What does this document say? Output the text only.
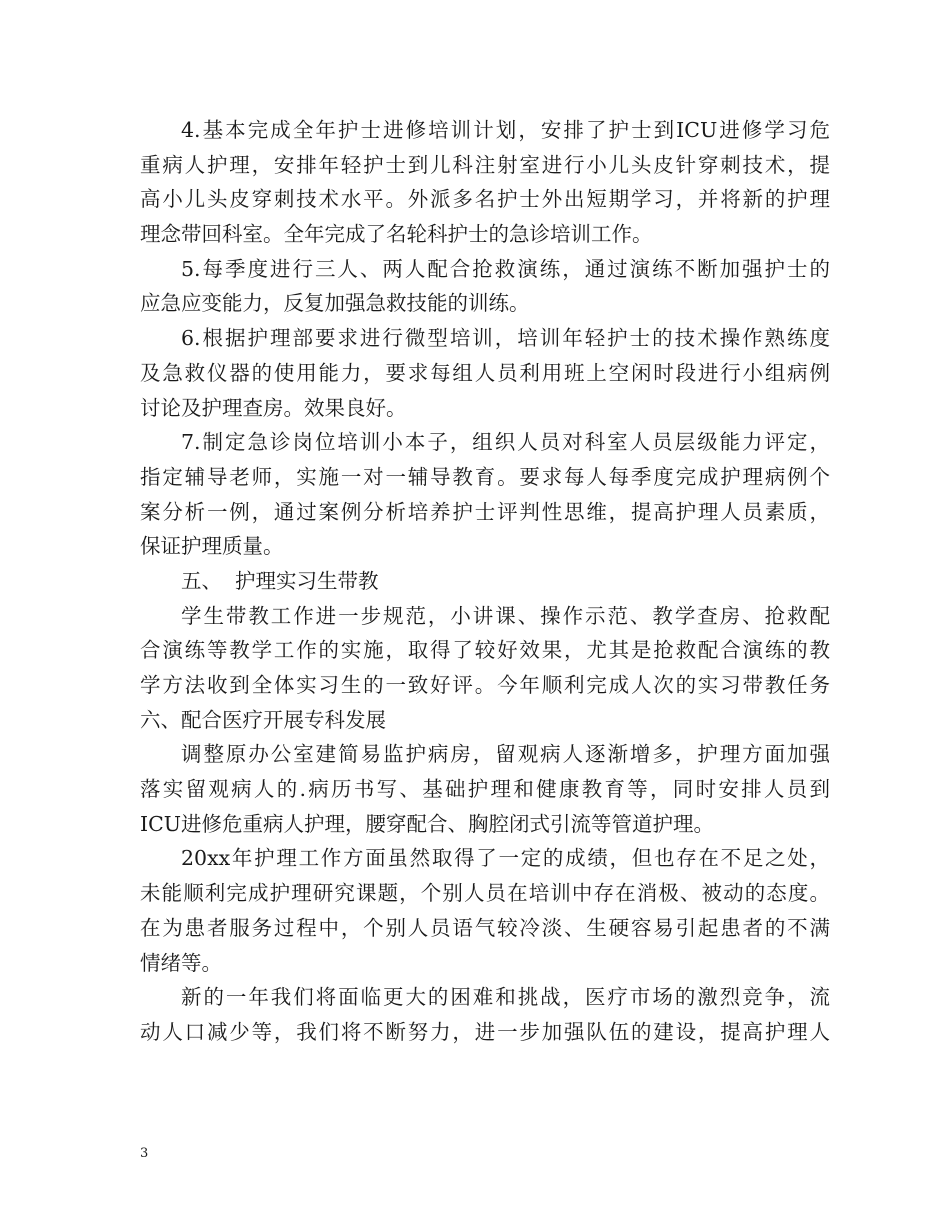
4.基本完成全年护士进修培训计划，安排了护士到ICU进修学习危
重病人护理，安排年轻护士到儿科注射室进行小儿头皮针穿刺技术，提
高小儿头皮穿刺技术水平。外派多名护士外出短期学习，并将新的护理
理念带回科室。全年完成了名轮科护士的急诊培训工作。
5.每季度进行三人、两人配合抢救演练，通过演练不断加强护士的
应急应变能力，反复加强急救技能的训练。
6.根据护理部要求进行微型培训，培训年轻护士的技术操作熟练度
及急救仪器的使用能力，要求每组人员利用班上空闲时段进行小组病例
讨论及护理查房。效果良好。
7.制定急诊岗位培训小本子，组织人员对科室人员层级能力评定，
指定辅导老师，实施一对一辅导教育。要求每人每季度完成护理病例个
案分析一例，通过案例分析培养护士评判性思维，提高护理人员素质，
保证护理质量。
五、  护理实习生带教
学生带教工作进一步规范，小讲课、操作示范、教学查房、抢救配
合演练等教学工作的实施，取得了较好效果，尤其是抢救配合演练的教
学方法收到全体实习生的一致好评。今年顺利完成人次的实习带教任务
六、配合医疗开展专科发展
调整原办公室建简易监护病房，留观病人逐渐增多，护理方面加强
落实留观病人的.病历书写、基础护理和健康教育等，同时安排人员到
ICU进修危重病人护理，腰穿配合、胸腔闭式引流等管道护理。
20xx年护理工作方面虽然取得了一定的成绩，但也存在不足之处，
未能顺利完成护理研究课题，个别人员在培训中存在消极、被动的态度。
在为患者服务过程中，个别人员语气较冷淡、生硬容易引起患者的不满
情绪等。
新的一年我们将面临更大的困难和挑战，医疗市场的激烈竞争，流
动人口减少等，我们将不断努力，进一步加强队伍的建设，提高护理人
3
